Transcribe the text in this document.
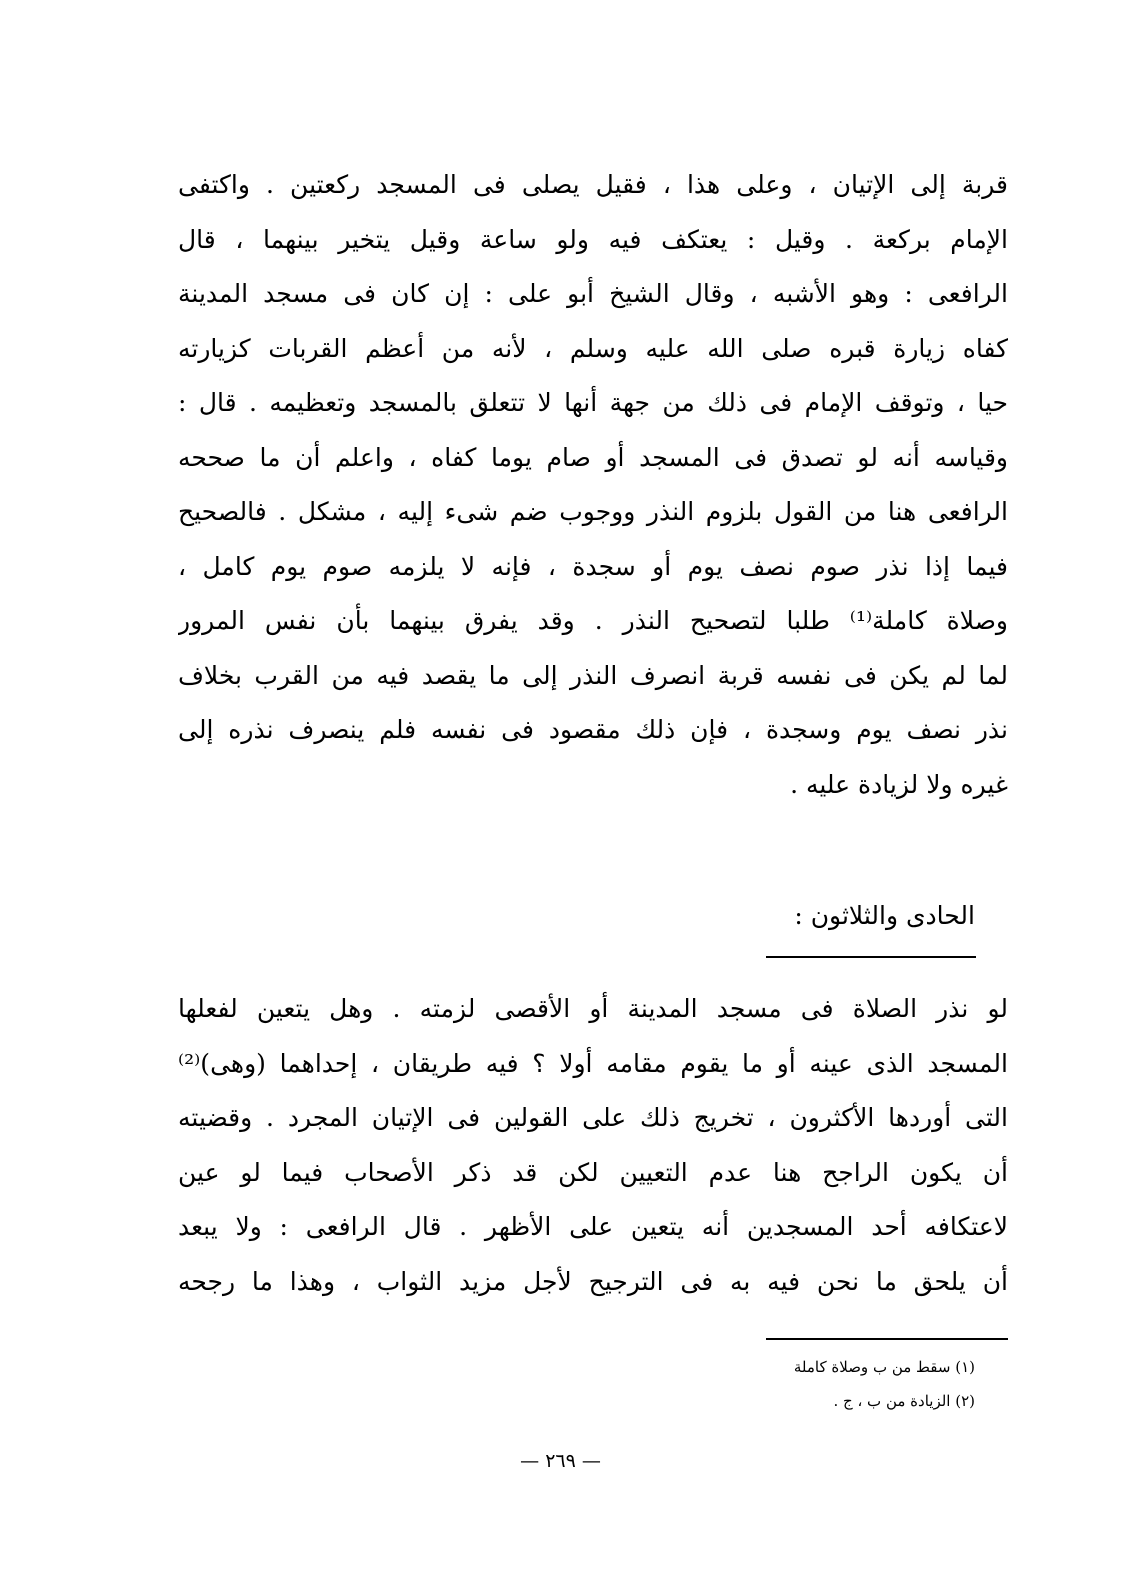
قربة إلى الإتيان ، وعلى هذا ، فقيل يصلى فى المسجد ركعتين . واكتفى
الإمام بركعة . وقيل : يعتكف فيه ولو ساعة وقيل يتخير بينهما ، قال
الرافعى : وهو الأشبه ، وقال الشيخ أبو على : إن كان فى مسجد المدينة
كفاه زيارة قبره صلى الله عليه وسلم ، لأنه من أعظم القربات كزيارته
حيا ، وتوقف الإمام فى ذلك من جهة أنها لا تتعلق بالمسجد وتعظيمه . قال :
وقياسه أنه لو تصدق فى المسجد أو صام يوما كفاه ، واعلم أن ما صححه
الرافعى هنا من القول بلزوم النذر ووجوب ضم شىء إليه ، مشكل . فالصحيح
فيما إذا نذر صوم نصف يوم أو سجدة ، فإنه لا يلزمه صوم يوم كامل ،
وصلاة كاملة⁽¹⁾ طلبا لتصحيح النذر . وقد يفرق بينهما بأن نفس المرور
لما لم يكن فى نفسه قربة انصرف النذر إلى ما يقصد فيه من القرب بخلاف
نذر نصف يوم وسجدة ، فإن ذلك مقصود فى نفسه فلم ينصرف نذره إلى
غيره ولا لزيادة عليه .
الحادى والثلاثون :
لو نذر الصلاة فى مسجد المدينة أو الأقصى لزمته . وهل يتعين لفعلها
المسجد الذى عينه أو ما يقوم مقامه أولا ؟ فيه طريقان ، إحداهما (وهى)⁽²⁾
التى أوردها الأكثرون ، تخريج ذلك على القولين فى الإتيان المجرد . وقضيته
أن يكون الراجح هنا عدم التعيين لكن قد ذكر الأصحاب فيما لو عين
لاعتكافه أحد المسجدين أنه يتعين على الأظهر . قال الرافعى : ولا يبعد
أن يلحق ما نحن فيه به فى الترجيح لأجل مزيد الثواب ، وهذا ما رجحه
(١) سقط من ب وصلاة كاملة
(٢) الزيادة من ب ، ج .
— ٢٦٩ —
